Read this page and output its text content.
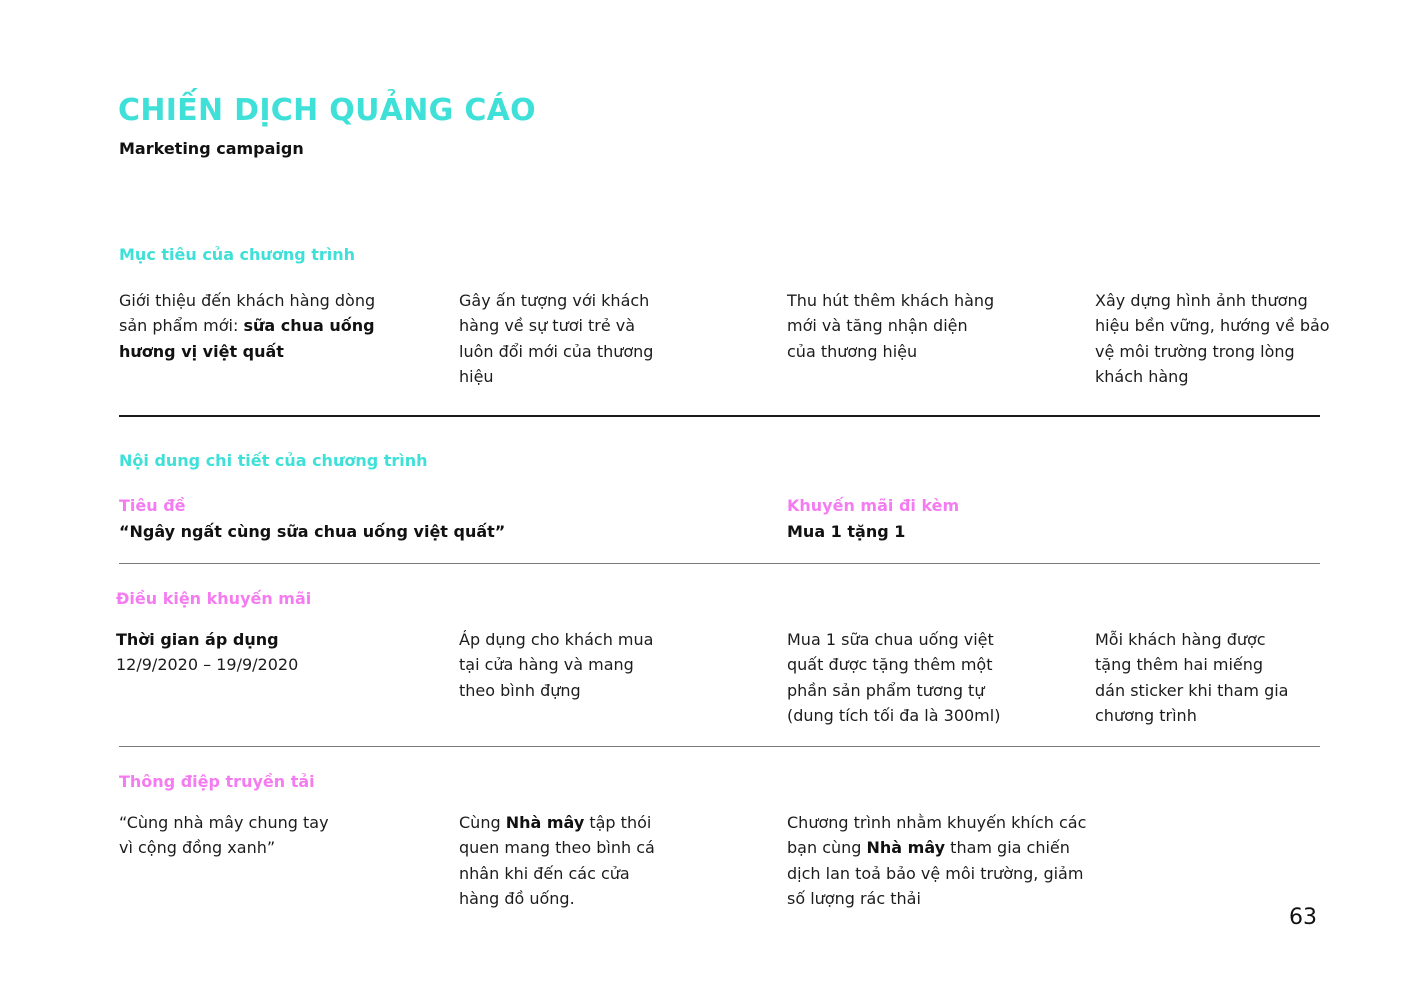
CHIẾN DỊCH QUẢNG CÁO
Marketing campaign
Mục tiêu của chương trình
Giới thiệu đến khách hàng dòng sản phẩm mới: sữa chua uống hương vị việt quất
Gây ấn tượng với khách hàng về sự tươi trẻ và luôn đổi mới của thương hiệu
Thu hút thêm khách hàng mới và tăng nhận diện của thương hiệu
Xây dựng hình ảnh thương hiệu bền vững, hướng về bảo vệ môi trường trong lòng khách hàng
Nội dung chi tiết của chương trình
Tiêu đề
“Ngây ngất cùng sữa chua uống việt quất”
Khuyến mãi đi kèm
Mua 1 tặng 1
Điều kiện khuyến mãi
Thời gian áp dụng
12/9/2020 – 19/9/2020
Áp dụng cho khách mua tại cửa hàng và mang theo bình đựng
Mua 1 sữa chua uống việt quất được tặng thêm một phần sản phẩm tương tự (dung tích tối đa là 300ml)
Mỗi khách hàng được tặng thêm hai miếng dán sticker khi tham gia chương trình
Thông điệp truyền tải
“Cùng nhà mây chung tay vì cộng đồng xanh”
Cùng Nhà mây tập thói quen mang theo bình cá nhân khi đến các cửa hàng đồ uống.
Chương trình nhằm khuyến khích các bạn cùng Nhà mây tham gia chiến dịch lan toả bảo vệ môi trường, giảm số lượng rác thải
63
